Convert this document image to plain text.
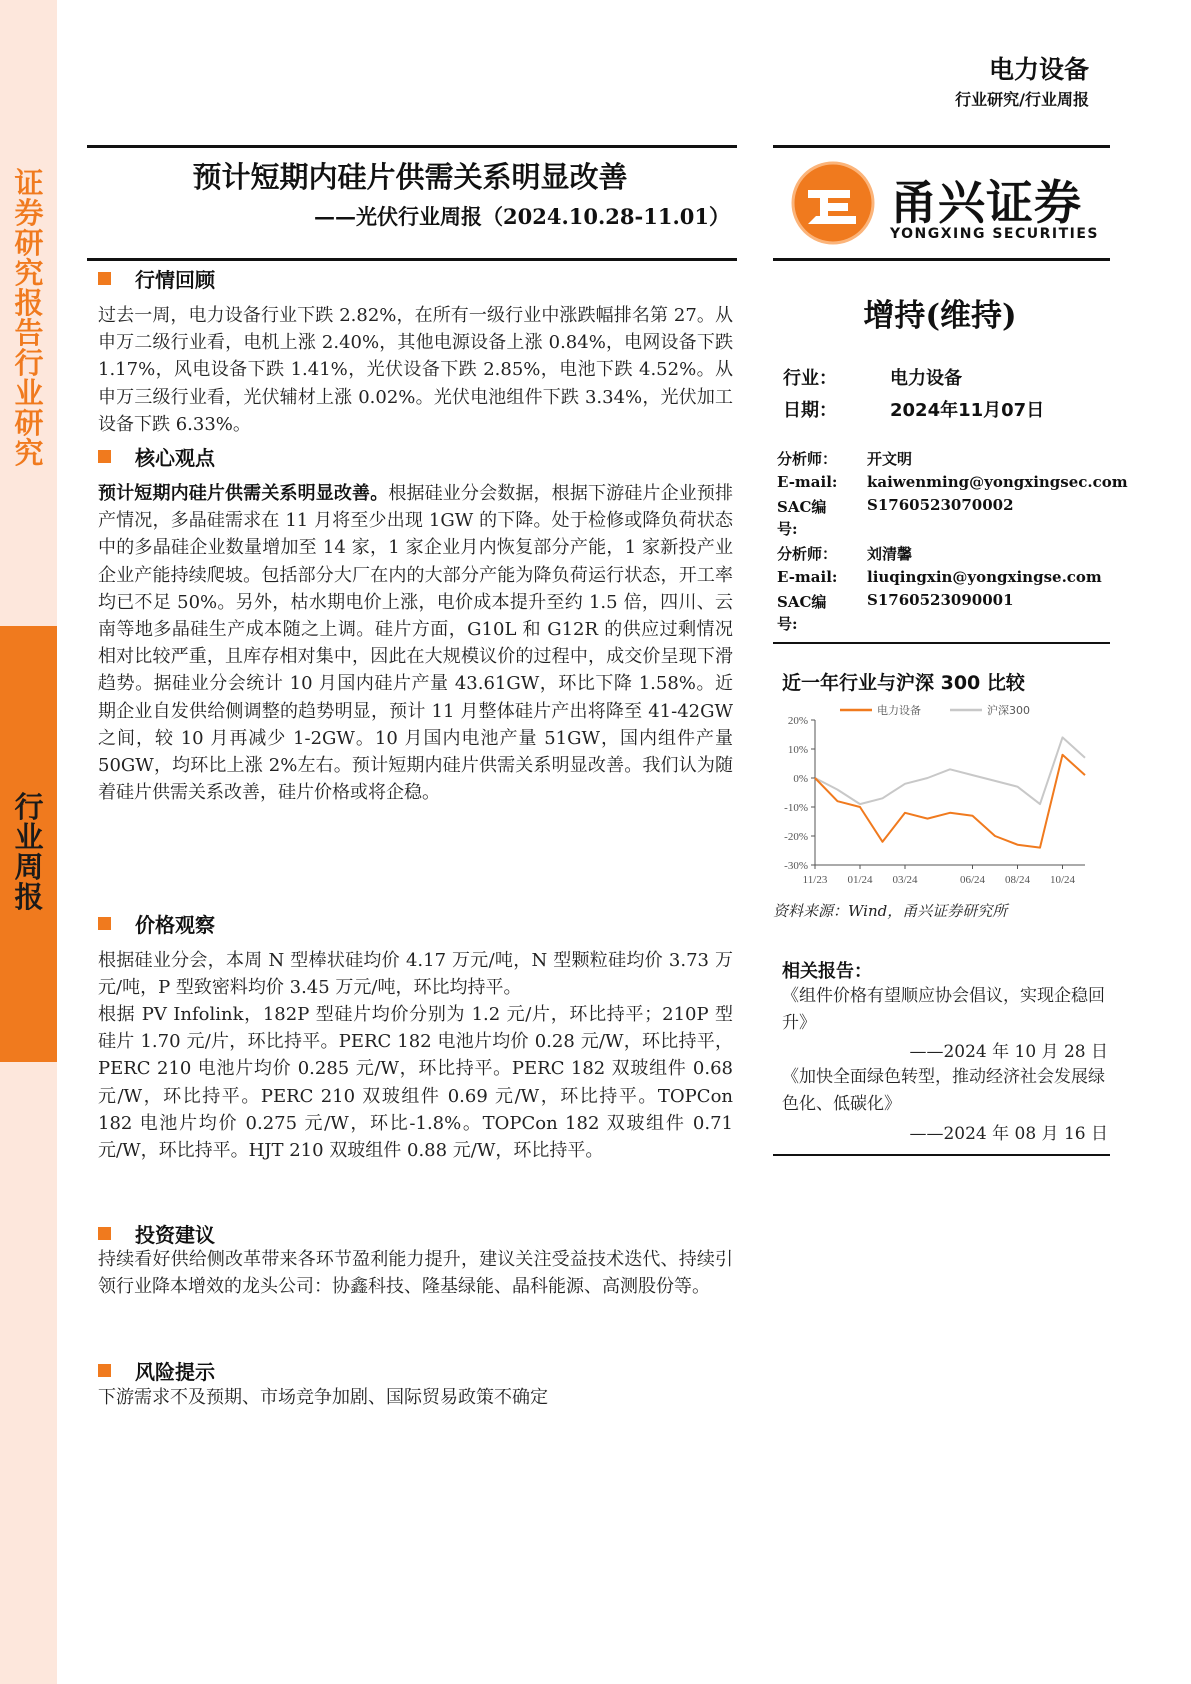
证券研究报告 行业研究
行业周报
电力设备
行业研究/行业周报
预计短期内硅片供需关系明显改善
——光伏行业周报（2024.10.28-11.01）	甬兴证券
YONGXING SECURITIES
增持(维持)
行业：	电力设备
日期：	2024年11月07日
分析师： 开文明
E-mail: kaiwenming@yongxingsec.com
SAC编号:
S1760523070002
分析师： 刘清馨
E-mail: liuqingxin@yongxingse.com
SAC编号:
S1760523090001
近一年行业与沪深 300 比较
20%
10%
0%
-10%
-20%
-30%
11/23 01/24 03/24	06/24 08/24 10/24
电力设备	沪深300
资料来源：Wind，甬兴证券研究所
相关报告：
《组件价格有望顺应协会倡议，实现企稳回升》
——2024 年 10 月 28 日
《加快全面绿色转型，推动经济社会发展绿色化、低碳化》
——2024 年 08 月 16 日
行情回顾
过去一周，电力设备行业下跌 2.82%，在所有一级行业中涨跌幅排名第 27。从申万二级行业看，电机上涨 2.40%，其他电源设备上涨 0.84%，电网设备下跌 1.17%，风电设备下跌 1.41%，光伏设备下跌 2.85%，电池下跌 4.52%。从申万三级行业看，光伏辅材上涨 0.02%。光伏电池组件下跌 3.34%，光伏加工设备下跌 6.33%。
核心观点
预计短期内硅片供需关系明显改善。根据硅业分会数据，根据下游硅片企业预排产情况，多晶硅需求在 11 月将至少出现 1GW 的下降。处于检修或降负荷状态中的多晶硅企业数量增加至 14 家，1 家企业月内恢复部分产能，1 家新投产业企业产能持续爬坡。包括部分大厂在内的大部分产能为降负荷运行状态，开工率均已不足 50%。另外，枯水期电价上涨，电价成本提升至约 1.5 倍，四川、云南等地多晶硅生产成本随之上调。硅片方面，G10L 和 G12R 的供应过剩情况相对比较严重，且库存相对集中，因此在大规模议价的过程中，成交价呈现下滑趋势。据硅业分会统计 10 月国内硅片产量 43.61GW，环比下降 1.58%。近期企业自发供给侧调整的趋势明显，预计 11 月整体硅片产出将降至 41-42GW 之间，较 10 月再减少 1-2GW。10 月国内电池产量 51GW，国内组件产量 50GW，均环比上涨 2%左右。预计短期内硅片供需关系明显改善。我们认为随着硅片供需关系改善，硅片价格或将企稳。
价格观察
根据硅业分会，本周 N 型棒状硅均价 4.17 万元/吨，N 型颗粒硅均价 3.73 万元/吨，P 型致密料均价 3.45 万元/吨，环比均持平。
根据 PV Infolink，182P 型硅片均价分别为 1.2 元/片，环比持平；210P 型硅片 1.70 元/片，环比持平。PERC 182 电池片均价 0.28 元/W，环比持平，PERC 210 电池片均价 0.285 元/W，环比持平。PERC 182 双玻组件 0.68 元/W，环比持平。PERC 210 双玻组件 0.69 元/W，环比持平。TOPCon 182 电池片均价 0.275 元/W，环比-1.8%。TOPCon 182 双玻组件 0.71 元/W，环比持平。HJT 210 双玻组件 0.88 元/W，环比持平。
投资建议
持续看好供给侧改革带来各环节盈利能力提升，建议关注受益技术迭代、持续引领行业降本增效的龙头公司：协鑫科技、隆基绿能、晶科能源、高测股份等。
风险提示
下游需求不及预期、市场竞争加剧、国际贸易政策不确定
